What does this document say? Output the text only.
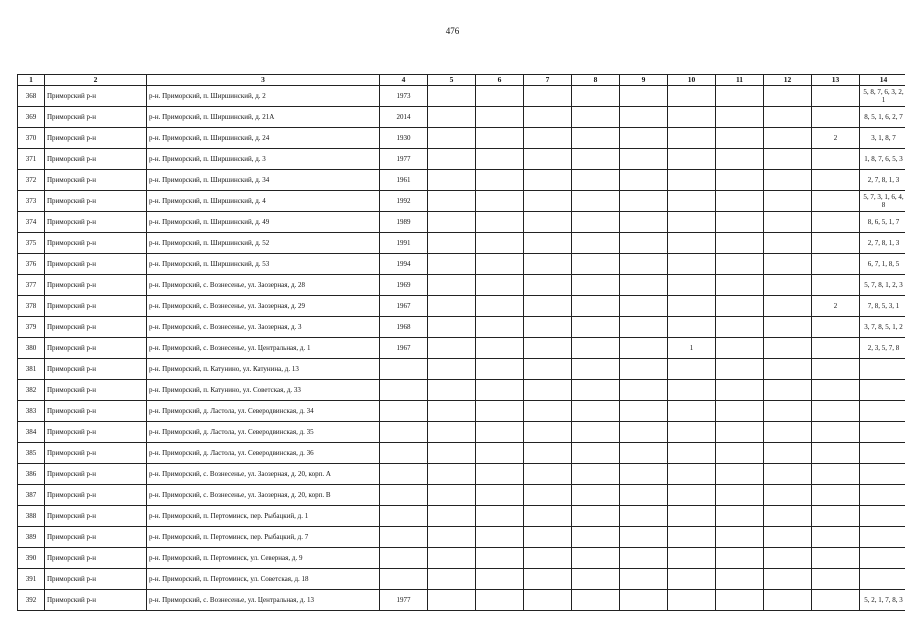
476
1	2	3	4	5	6	7	8	9	10	11	12	13	14
368	Приморский р-н	р-н. Приморский, п. Ширшинский, д. 2	1973										5, 8, 7, 6, 3, 2, 1
369	Приморский р-н	р-н. Приморский, п. Ширшинский, д. 21А	2014										8, 5, 1, 6, 2, 7
370	Приморский р-н	р-н. Приморский, п. Ширшинский, д. 24	1930									2	3, 1, 8, 7
371	Приморский р-н	р-н. Приморский, п. Ширшинский, д. 3	1977										1, 8, 7, 6, 5, 3
372	Приморский р-н	р-н. Приморский, п. Ширшинский, д. 34	1961										2, 7, 8, 1, 3
373	Приморский р-н	р-н. Приморский, п. Ширшинский, д. 4	1992										5, 7, 3, 1, 6, 4, 8
374	Приморский р-н	р-н. Приморский, п. Ширшинский, д. 49	1989										8, 6, 5, 1, 7
375	Приморский р-н	р-н. Приморский, п. Ширшинский, д. 52	1991										2, 7, 8, 1, 3
376	Приморский р-н	р-н. Приморский, п. Ширшинский, д. 53	1994										6, 7, 1, 8, 5
377	Приморский р-н	р-н. Приморский, с. Вознесенье, ул. Заозерная, д. 28	1969										5, 7, 8, 1, 2, 3
378	Приморский р-н	р-н. Приморский, с. Вознесенье, ул. Заозерная, д. 29	1967									2	7, 8, 5, 3, 1
379	Приморский р-н	р-н. Приморский, с. Вознесенье, ул. Заозерная, д. 3	1968										3, 7, 8, 5, 1, 2
380	Приморский р-н	р-н. Приморский, с. Вознесенье, ул. Центральная, д. 1	1967						1				2, 3, 5, 7, 8
381	Приморский р-н	р-н. Приморский, п. Катунино, ул. Катунина, д. 13											
382	Приморский р-н	р-н. Приморский, п. Катунино, ул. Советская, д. 33											
383	Приморский р-н	р-н. Приморский, д. Ластола, ул. Северодвинская, д. 34											
384	Приморский р-н	р-н. Приморский, д. Ластола, ул. Северодвинская, д. 35											
385	Приморский р-н	р-н. Приморский, д. Ластола, ул. Северодвинская, д. 36											
386	Приморский р-н	р-н. Приморский, с. Вознесенье, ул. Заозерная, д. 20, корп. А											
387	Приморский р-н	р-н. Приморский, с. Вознесенье, ул. Заозерная, д. 20, корп. В											
388	Приморский р-н	р-н. Приморский, п. Пертоминск, пер. Рыбацкий, д. 1											
389	Приморский р-н	р-н. Приморский, п. Пертоминск, пер. Рыбацкий, д. 7											
390	Приморский р-н	р-н. Приморский, п. Пертоминск, ул. Северная, д. 9											
391	Приморский р-н	р-н. Приморский, п. Пертоминск, ул. Советская, д. 18											
392	Приморский р-н	р-н. Приморский, с. Вознесенье, ул. Центральная, д. 13	1977										5, 2, 1, 7, 8, 3
